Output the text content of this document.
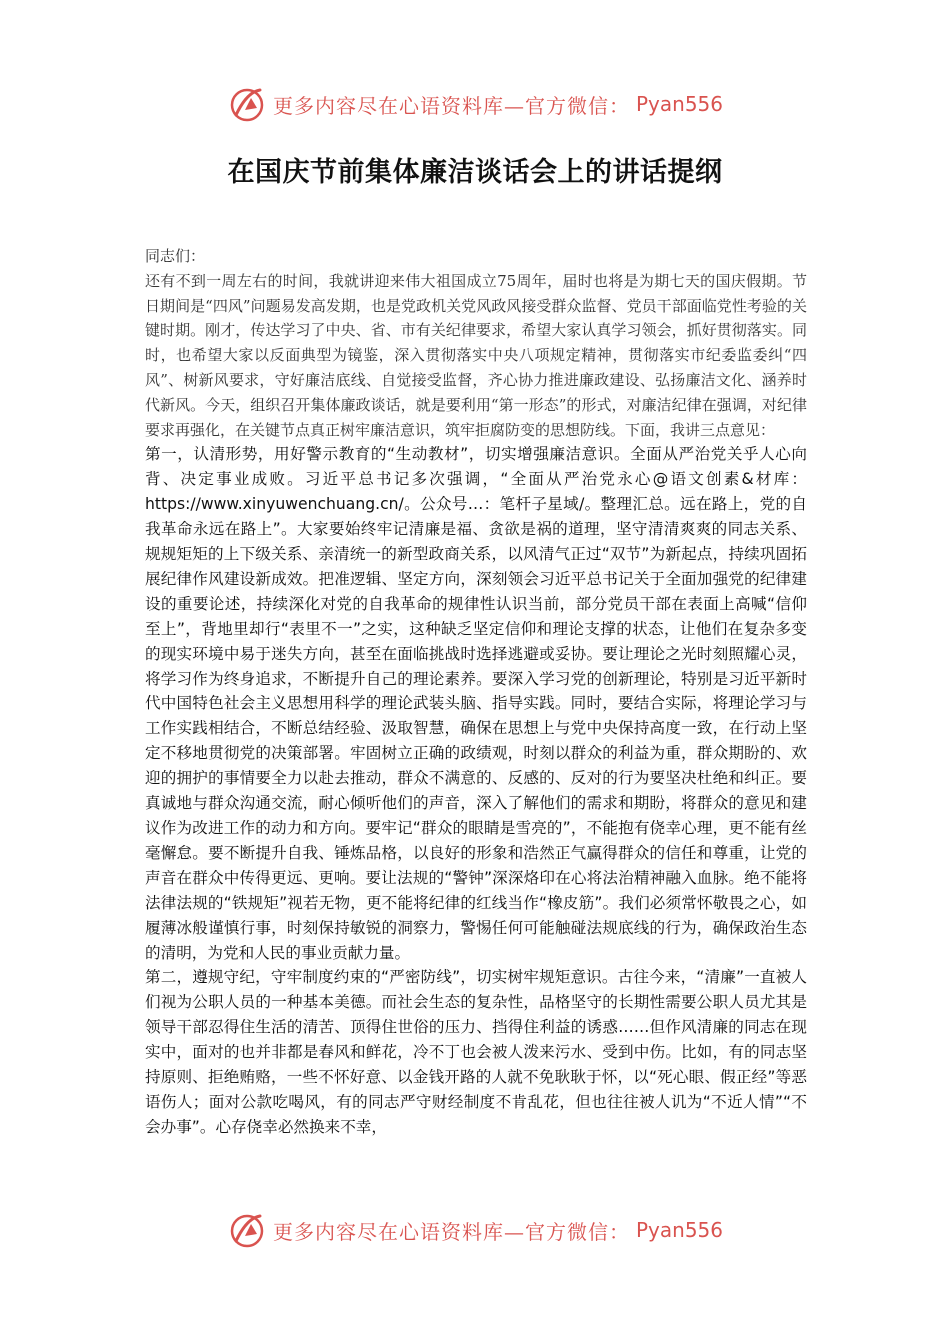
更多内容尽在心语资料库—官方微信： Pyan556
在国庆节前集体廉洁谈话会上的讲话提纲

同志们：

还有不到一周左右的时间，我就讲迎来伟大祖国成立75周年，届时也将是为期七天的国庆假期。节日期间是“四风”问题易发高发期，也是党政机关党风政风接受群众监督、党员干部面临党性考验的关键时期。刚才，传达学习了中央、省、市有关纪律要求，希望大家认真学习领会，抓好贯彻落实。同时，也希望大家以反面典型为镜鉴，深入贯彻落实中央八项规定精神，贯彻落实市纪委监委纠“四风”、树新风要求，守好廉洁底线、自觉接受监督，齐心协力推进廉政建设、弘扬廉洁文化、涵养时代新风。今天，组织召开集体廉政谈话，就是要利用“第一形态”的形式，对廉洁纪律在强调，对纪律要求再强化，在关键节点真正树牢廉洁意识，筑牢拒腐防变的思想防线。下面，我讲三点意见：

第一，认清形势，用好警示教育的“生动教材”，切实增强廉洁意识。全面从严治党关乎人心向背、决定事业成败。习近平总书记多次强调，“全面从严治党永心@语文创素&材库：https://www.xinyuwenchuang.cn/。公众号…：笔杆子星域/。整理汇总。远在路上，党的自我革命永远在路上”。大家要始终牢记清廉是福、贪欲是祸的道理，坚守清清爽爽的同志关系、规规矩矩的上下级关系、亲清统一的新型政商关系，以风清气正过“双节”为新起点，持续巩固拓展纪律作风建设新成效。把准逻辑、坚定方向，深刻领会习近平总书记关于全面加强党的纪律建设的重要论述，持续深化对党的自我革命的规律性认识当前，部分党员干部在表面上高喊“信仰至上”，背地里却行“表里不一”之实，这种缺乏坚定信仰和理论支撑的状态，让他们在复杂多变的现实环境中易于迷失方向，甚至在面临挑战时选择逃避或妥协。要让理论之光时刻照耀心灵，将学习作为终身追求，不断提升自己的理论素养。要深入学习党的创新理论，特别是习近平新时代中国特色社会主义思想用科学的理论武装头脑、指导实践。同时，要结合实际，将理论学习与工作实践相结合，不断总结经验、汲取智慧，确保在思想上与党中央保持高度一致，在行动上坚定不移地贯彻党的决策部署。牢固树立正确的政绩观，时刻以群众的利益为重，群众期盼的、欢迎的拥护的事情要全力以赴去推动，群众不满意的、反感的、反对的行为要坚决杜绝和纠正。要真诚地与群众沟通交流，耐心倾听他们的声音，深入了解他们的需求和期盼，将群众的意见和建议作为改进工作的动力和方向。要牢记“群众的眼睛是雪亮的”，不能抱有侥幸心理，更不能有丝毫懈怠。要不断提升自我、锤炼品格，以良好的形象和浩然正气赢得群众的信任和尊重，让党的声音在群众中传得更远、更响。要让法规的“警钟”深深烙印在心将法治精神融入血脉。绝不能将法律法规的“铁规矩”视若无物，更不能将纪律的红线当作“橡皮筋”。我们必须常怀敬畏之心，如履薄冰般谨慎行事，时刻保持敏锐的洞察力，警惕任何可能触碰法规底线的行为，确保政治生态的清明，为党和人民的事业贡献力量。

第二，遵规守纪，守牢制度约束的“严密防线”，切实树牢规矩意识。古往今来，“清廉”一直被人们视为公职人员的一种基本美德。而社会生态的复杂性，品格坚守的长期性需要公职人员尤其是领导干部忍得住生活的清苦、顶得住世俗的压力、挡得住利益的诱惑……但作风清廉的同志在现实中，面对的也并非都是春风和鲜花，冷不丁也会被人泼来污水、受到中伤。比如，有的同志坚持原则、拒绝贿赂，一些不怀好意、以金钱开路的人就不免耿耿于怀，以“死心眼、假正经”等恶语伤人；面对公款吃喝风，有的同志严守财经制度不肯乱花，但也往往被人讥为“不近人情”“不会办事”。心存侥幸必然换来不幸，

更多内容尽在心语资料库—官方微信： Pyan556
